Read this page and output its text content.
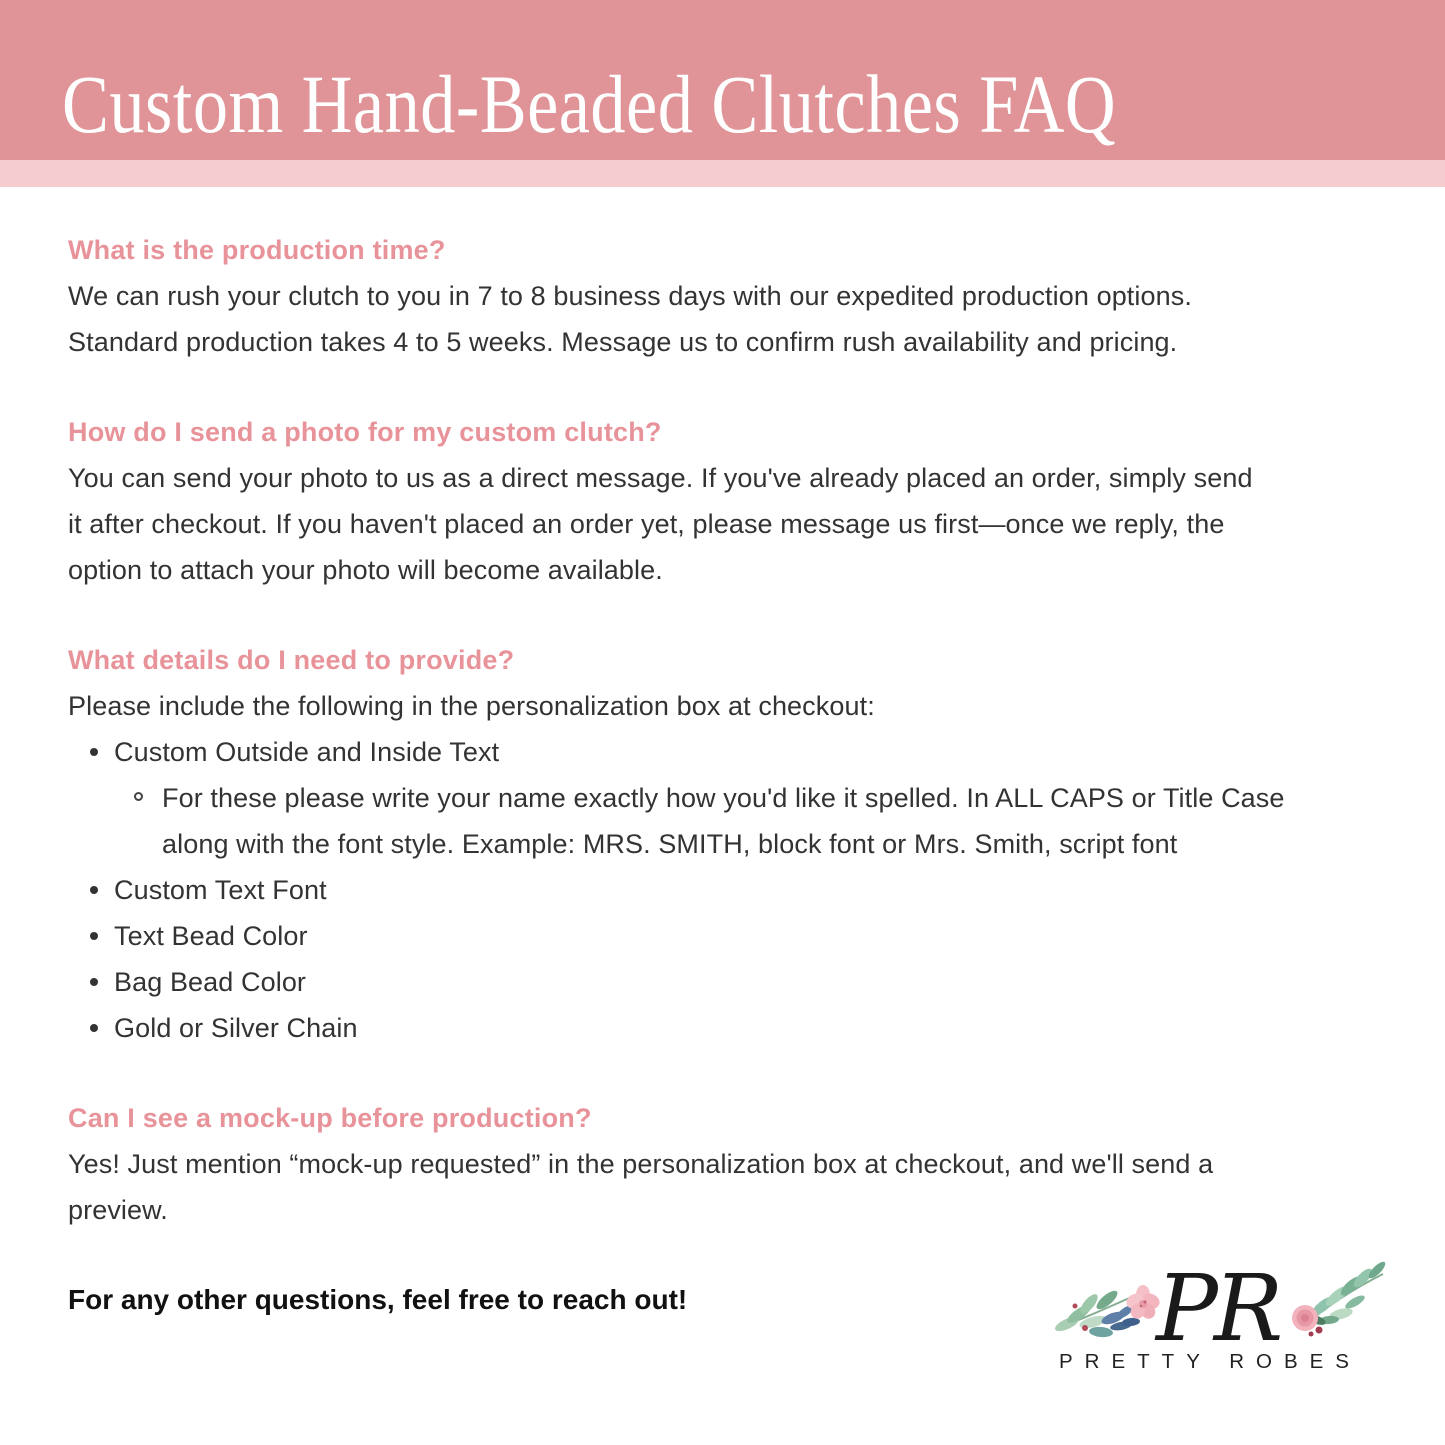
Custom Hand-Beaded Clutches FAQ
What is the production time?

We can rush your clutch to you in 7 to 8 business days with our expedited production options.

Standard production takes 4 to 5 weeks. Message us to confirm rush availability and pricing.

How do I send a photo for my custom clutch?

You can send your photo to us as a direct message. If you've already placed an order, simply send

it after checkout. If you haven't placed an order yet, please message us first—once we reply, the

option to attach your photo will become available.

What details do I need to provide?

Please include the following in the personalization box at checkout:

Custom Outside and Inside Text
For these please write your name exactly how you'd like it spelled. In ALL CAPS or Title Case
along with the font style. Example: MRS. SMITH, block font or Mrs. Smith, script font
Custom Text Font
Text Bead Color
Bag Bead Color
Gold or Silver Chain
Can I see a mock-up before production?

Yes! Just mention “mock-up requested” in the personalization box at checkout, and we'll send a

preview.

For any other questions, feel free to reach out!	PR
PRETTY ROBES
